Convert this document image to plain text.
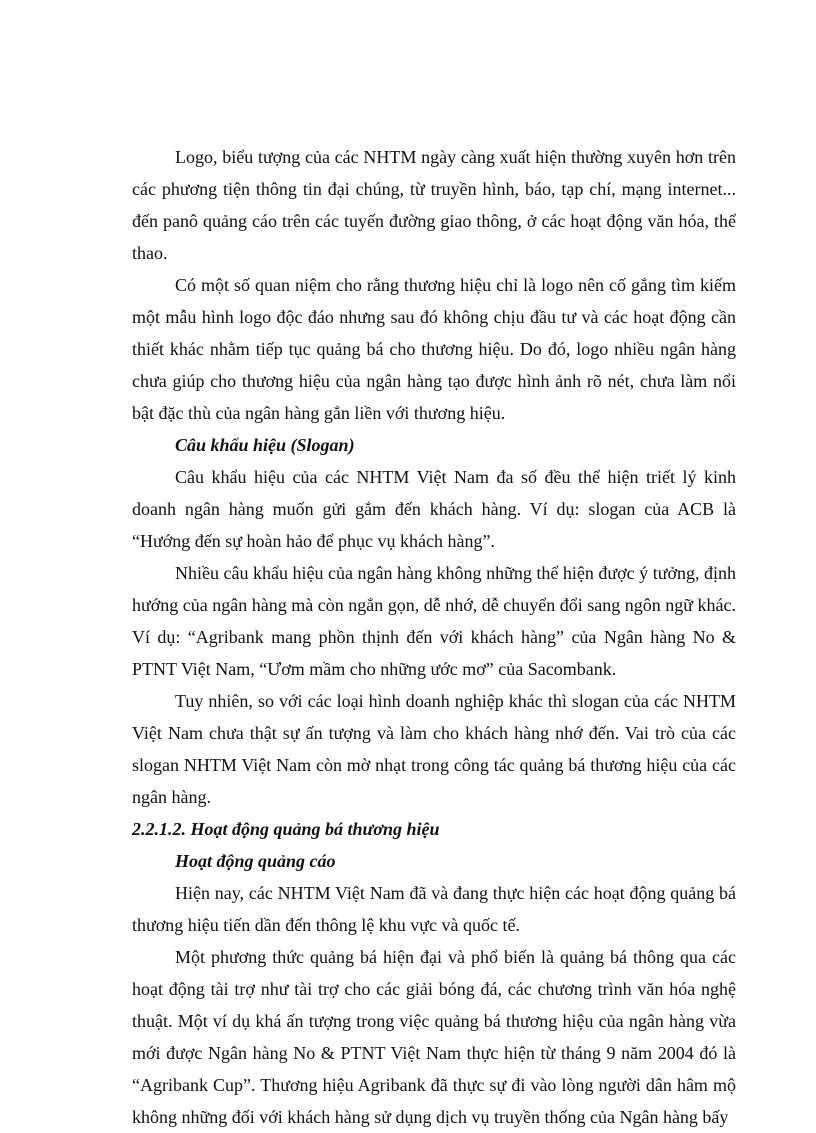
Logo, biểu tượng của các NHTM ngày càng xuất hiện thường xuyên hơn trên các phương tiện thông tin đại chúng, từ truyền hình, báo, tạp chí, mạng internet... đến panô quảng cáo trên các tuyến đường giao thông, ở các hoạt động văn hóa, thể thao.

Có một số quan niệm cho rằng thương hiệu chỉ là logo nên cố gắng tìm kiếm một mẫu hình logo độc đáo nhưng sau đó không chịu đầu tư và các hoạt động cần thiết khác nhằm tiếp tục quảng bá cho thương hiệu. Do đó, logo nhiều ngân hàng chưa giúp cho thương hiệu của ngân hàng tạo được hình ảnh rõ nét, chưa làm nổi bật đặc thù của ngân hàng gắn liền với thương hiệu.

Câu khẩu hiệu (Slogan)

Câu khẩu hiệu của các NHTM Việt Nam đa số đều thể hiện triết lý kinh doanh ngân hàng muốn gửi gắm đến khách hàng. Ví dụ: slogan của ACB là “Hướng đến sự hoàn hảo để phục vụ khách hàng”.

Nhiều câu khẩu hiệu của ngân hàng không những thể hiện được ý tưởng, định hướng của ngân hàng mà còn ngắn gọn, dễ nhớ, dễ chuyển đổi sang ngôn ngữ khác. Ví dụ: “Agribank mang phồn thịnh đến với khách hàng” của Ngân hàng No & PTNT Việt Nam, “Ươm mầm cho những ước mơ” của Sacombank.

Tuy nhiên, so với các loại hình doanh nghiệp khác thì slogan của các NHTM Việt Nam chưa thật sự ấn tượng và làm cho khách hàng nhớ đến. Vai trò của các slogan NHTM Việt Nam còn mờ nhạt trong công tác quảng bá thương hiệu của các ngân hàng.

2.2.1.2. Hoạt động quảng bá thương hiệu

Hoạt động quảng cáo

Hiện nay, các NHTM Việt Nam đã và đang thực hiện các hoạt động quảng bá thương hiệu tiến dần đến thông lệ khu vực và quốc tế.

Một phương thức quảng bá hiện đại và phổ biến là quảng bá thông qua các hoạt động tài trợ như tài trợ cho các giải bóng đá, các chương trình văn hóa nghệ thuật. Một ví dụ khá ấn tượng trong việc quảng bá thương hiệu của ngân hàng vừa mới được Ngân hàng No & PTNT Việt Nam thực hiện từ tháng 9 năm 2004 đó là “Agribank Cup”. Thương hiệu Agribank đã thực sự đi vào lòng người dân hâm mộ không những đối với khách hàng sử dụng dịch vụ truyền thống của Ngân hàng bấy
